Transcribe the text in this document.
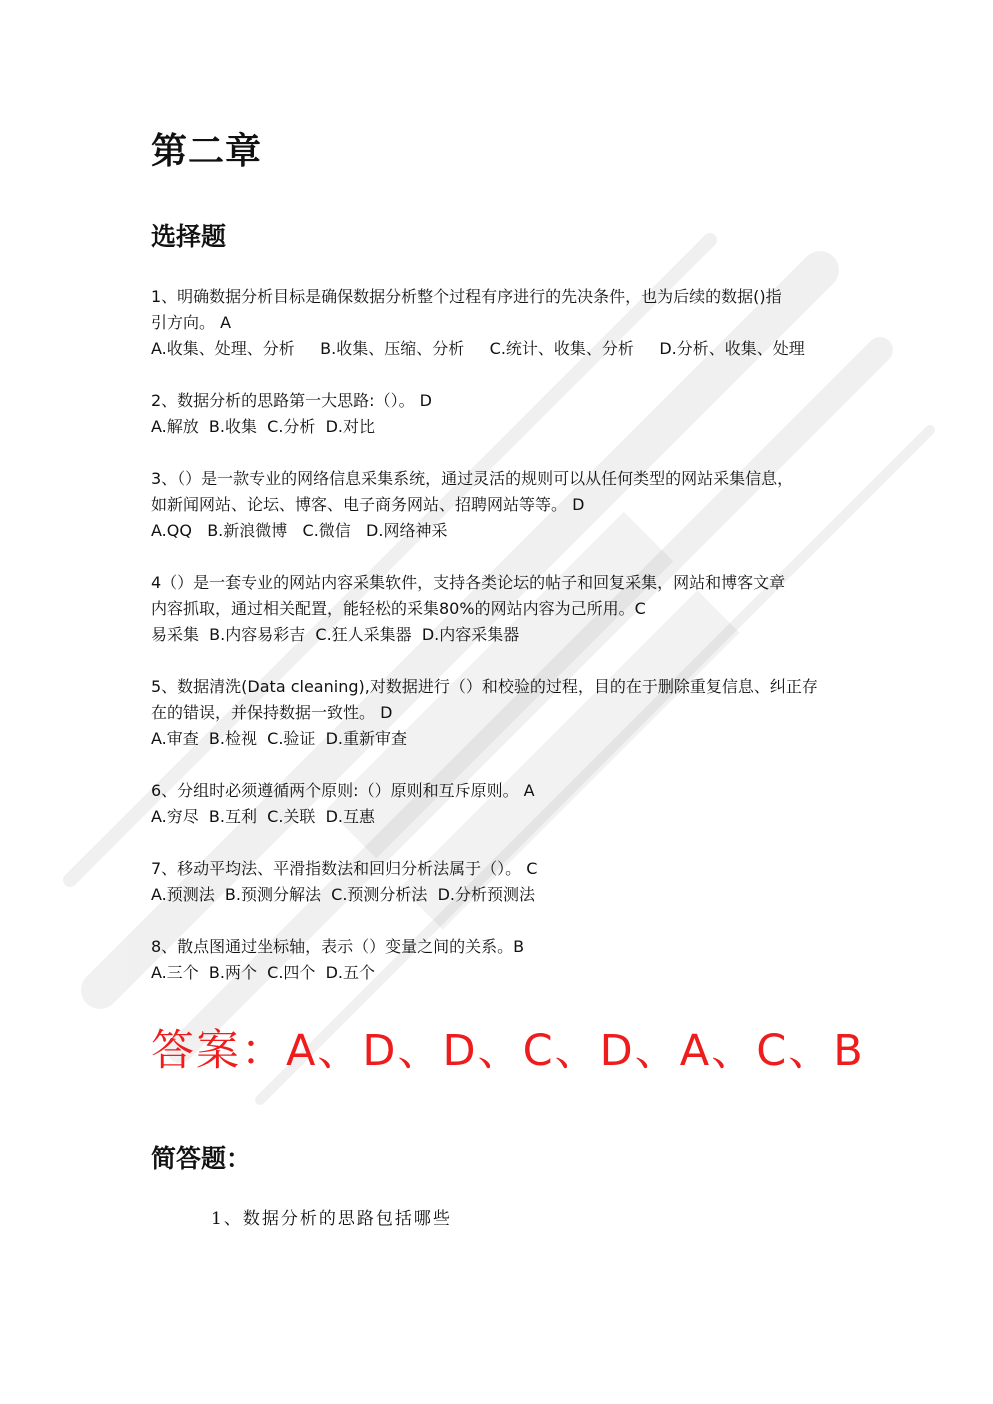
第二章
选择题
1、明确数据分析目标是确保数据分析整个过程有序进行的先决条件，也为后续的数据()指
引方向。 A
A.收集、处理、分析     B.收集、压缩、分析     C.统计、收集、分析     D.分析、收集、处理
2、数据分析的思路第一大思路:（）。 D
A.解放  B.收集  C.分析  D.对比
3、（）是一款专业的网络信息采集系统，通过灵活的规则可以从任何类型的网站采集信息，
如新闻网站、论坛、博客、电子商务网站、招聘网站等等。 D
A.QQ   B.新浪微博   C.微信   D.网络神采
4（）是一套专业的网站内容采集软件，支持各类论坛的帖子和回复采集，网站和博客文章
内容抓取，通过相关配置，能轻松的采集80%的网站内容为己所用。C
易采集  B.内容易彩吉  C.狂人采集器  D.内容采集器
5、数据清洗(Data cleaning),对数据进行（）和校验的过程，目的在于删除重复信息、纠正存
在的错误，并保持数据一致性。 D
A.审查  B.检视  C.验证  D.重新审查
6、分组时必须遵循两个原则:（）原则和互斥原则。 A
A.穷尽  B.互利  C.关联  D.互惠
7、移动平均法、平滑指数法和回归分析法属于（）。 C
A.预测法  B.预测分解法  C.预测分析法  D.分析预测法
8、散点图通过坐标轴，表示（）变量之间的关系。B
A.三个  B.两个  C.四个  D.五个
答案：A、D、D、C、D、A、C、B
简答题：
1、数据分析的思路包括哪些
